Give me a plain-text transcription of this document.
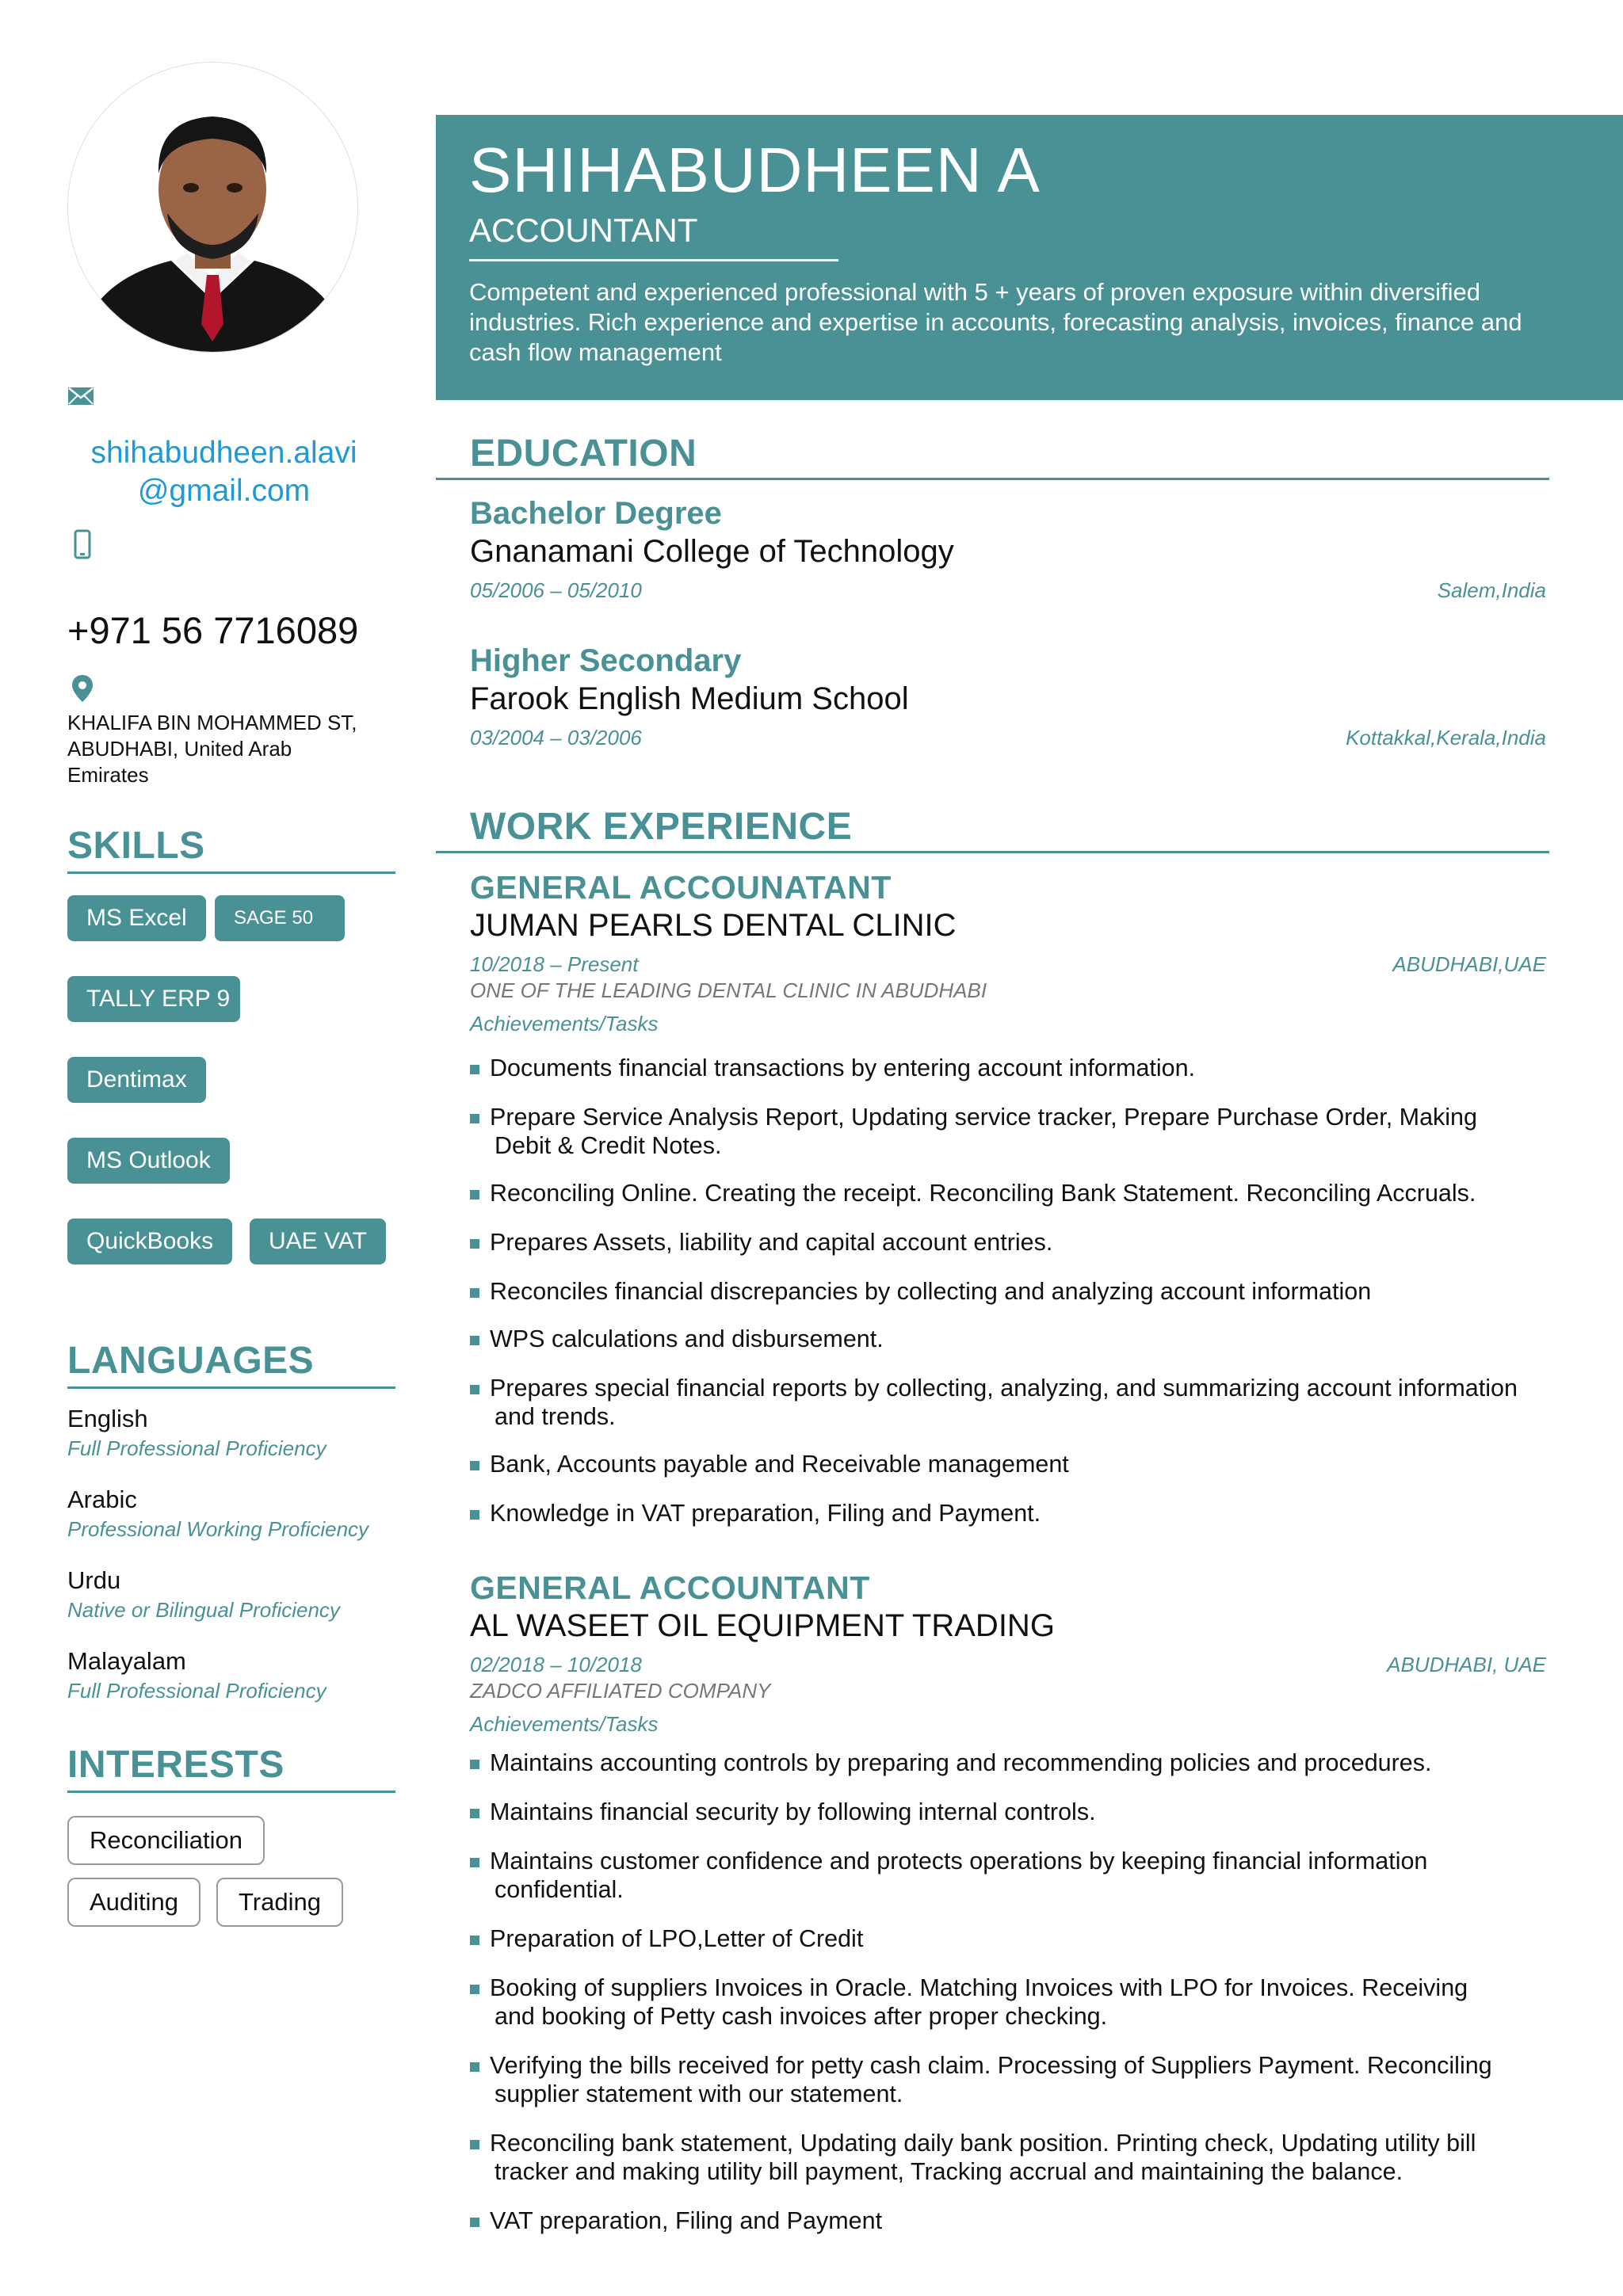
shihabudheen.alavi
@gmail.com
+971 56 7716089
KHALIFA BIN MOHAMMED ST, ABUDHABI, United Arab Emirates
SKILLS
MS Excel	SAGE 50
TALLY ERP 9
Dentimax
MS Outlook
QuickBooks	UAE VAT
LANGUAGES
English
Full Professional Proficiency
Arabic
Professional Working Proficiency
Urdu
Native or Bilingual Proficiency
Malayalam
Full Professional Proficiency
INTERESTS
Reconciliation
Auditing	Trading
SHIHABUDHEEN A
ACCOUNTANT
Competent and experienced professional with 5 + years of proven exposure within diversified industries. Rich experience and expertise in accounts, forecasting analysis, invoices, finance and cash flow management
EDUCATION
Bachelor Degree
Gnanamani College of Technology
05/2006 – 05/2010	Salem,India
Higher Secondary
Farook English Medium School
03/2004 – 03/2006	Kottakkal,Kerala,India
WORK EXPERIENCE
GENERAL ACCOUNATANT
JUMAN PEARLS DENTAL CLINIC
10/2018 – Present	ABUDHABI,UAE
ONE OF THE LEADING DENTAL CLINIC IN ABUDHABI
Achievements/Tasks
Documents financial transactions by entering account information.
Prepare Service Analysis Report, Updating service tracker, Prepare Purchase Order, Making
Debit & Credit Notes.
Reconciling Online. Creating the receipt. Reconciling Bank Statement. Reconciling Accruals.
Prepares Assets, liability and capital account entries.
Reconciles financial discrepancies by collecting and analyzing account information
WPS calculations and disbursement.
Prepares special financial reports by collecting, analyzing, and summarizing account information
and trends.
Bank, Accounts payable and Receivable management
Knowledge in VAT preparation, Filing and Payment.
GENERAL ACCOUNTANT
AL WASEET OIL EQUIPMENT TRADING
02/2018 – 10/2018	ABUDHABI, UAE
ZADCO AFFILIATED COMPANY
Achievements/Tasks
Maintains accounting controls by preparing and recommending policies and procedures.
Maintains financial security by following internal controls.
Maintains customer confidence and protects operations by keeping financial information
confidential.
Preparation of LPO,Letter of Credit
Booking of suppliers Invoices in Oracle. Matching Invoices with LPO for Invoices. Receiving
and booking of Petty cash invoices after proper checking.
Verifying the bills received for petty cash claim. Processing of Suppliers Payment. Reconciling
supplier statement with our statement.
Reconciling bank statement, Updating daily bank position. Printing check, Updating utility bill
tracker and making utility bill payment, Tracking accrual and maintaining the balance.
VAT preparation, Filing and Payment
